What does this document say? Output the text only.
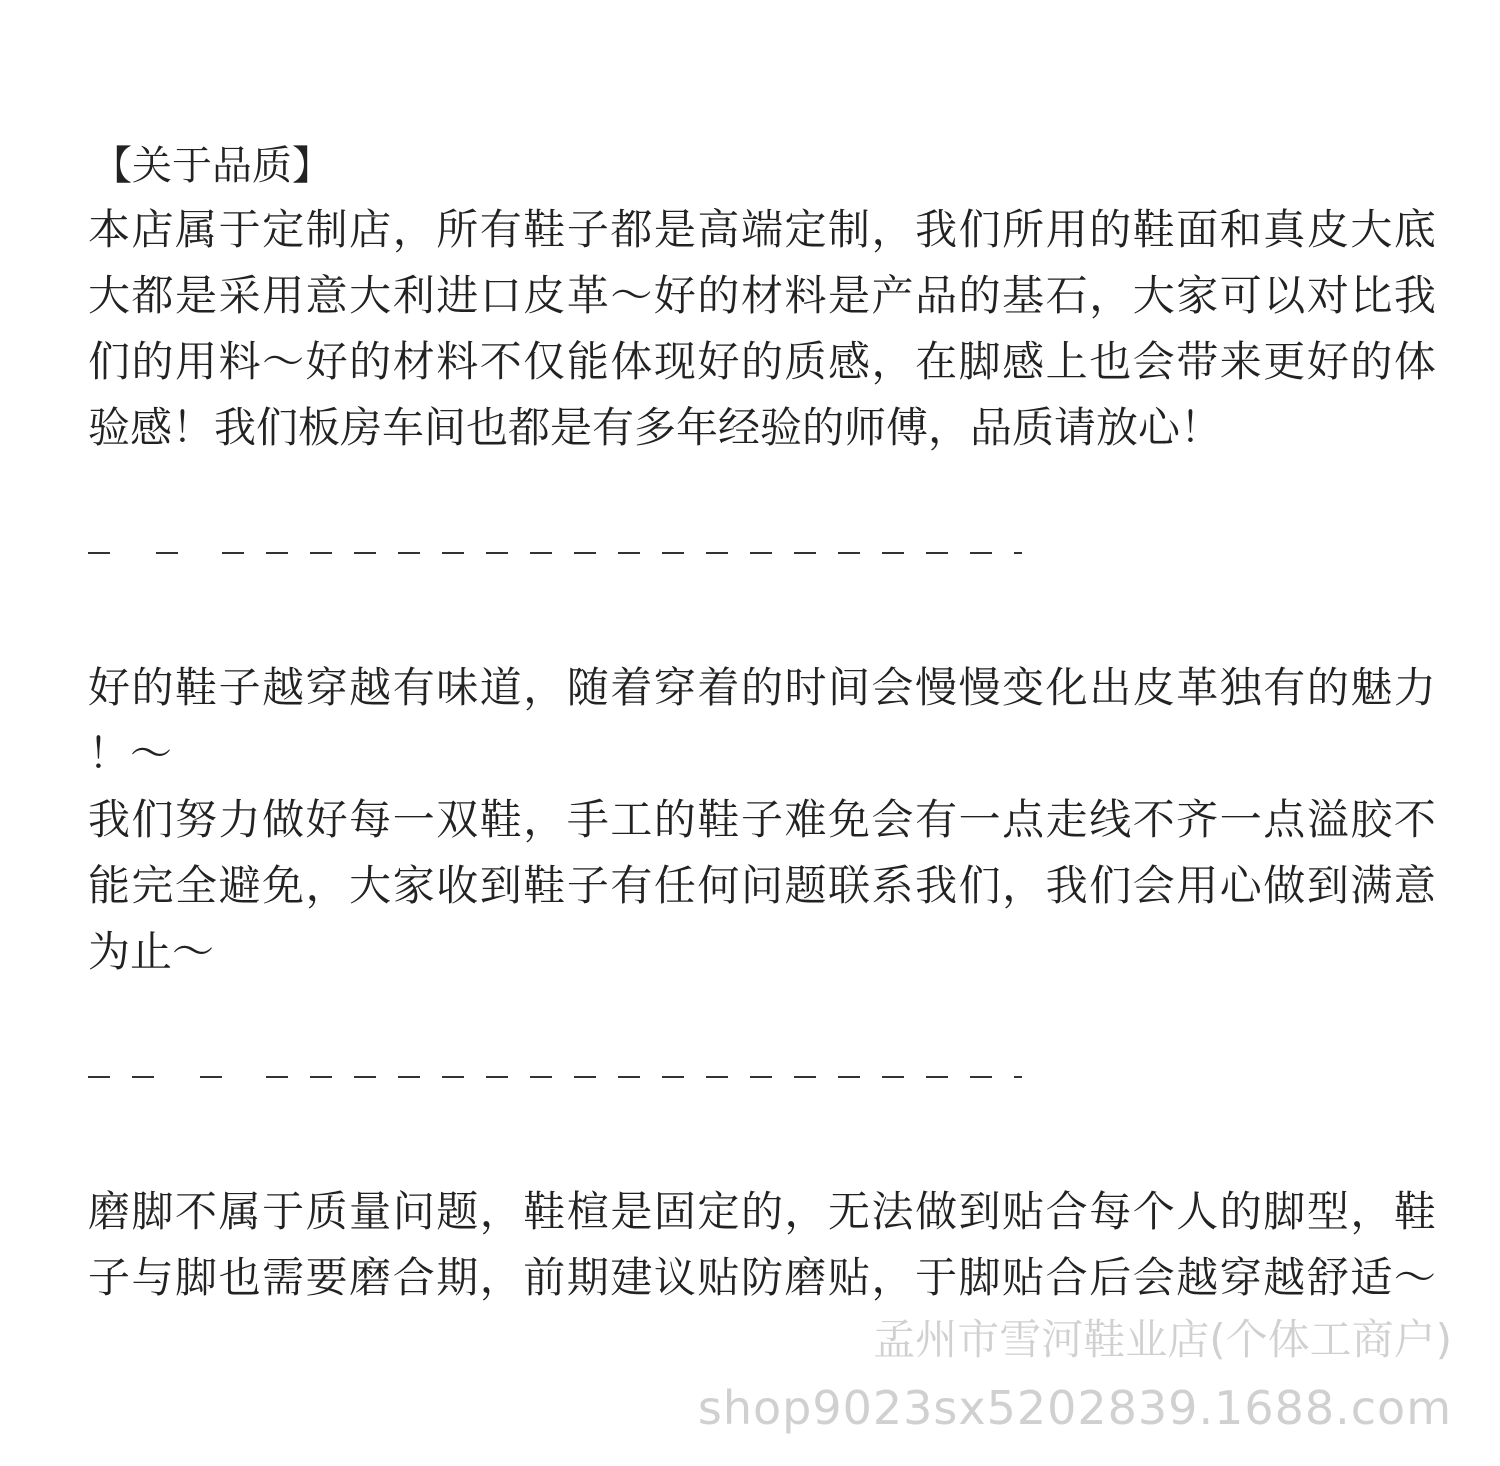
【关于品质】
本店属于定制店，所有鞋子都是高端定制，我们所用的鞋面和真皮大底
大都是采用意大利进口皮革～好的材料是产品的基石，大家可以对比我
们的用料～好的材料不仅能体现好的质感，在脚感上也会带来更好的体
验感！我们板房车间也都是有多年经验的师傅，品质请放心！
好的鞋子越穿越有味道，随着穿着的时间会慢慢变化出皮革独有的魅力
！～
我们努力做好每一双鞋，手工的鞋子难免会有一点走线不齐一点溢胶不
能完全避免，大家收到鞋子有任何问题联系我们，我们会用心做到满意
为止～
磨脚不属于质量问题，鞋楦是固定的，无法做到贴合每个人的脚型，鞋
子与脚也需要磨合期，前期建议贴防磨贴，于脚贴合后会越穿越舒适～
孟州市雪河鞋业店(个体工商户)
shop9023sx5202839.1688.com
